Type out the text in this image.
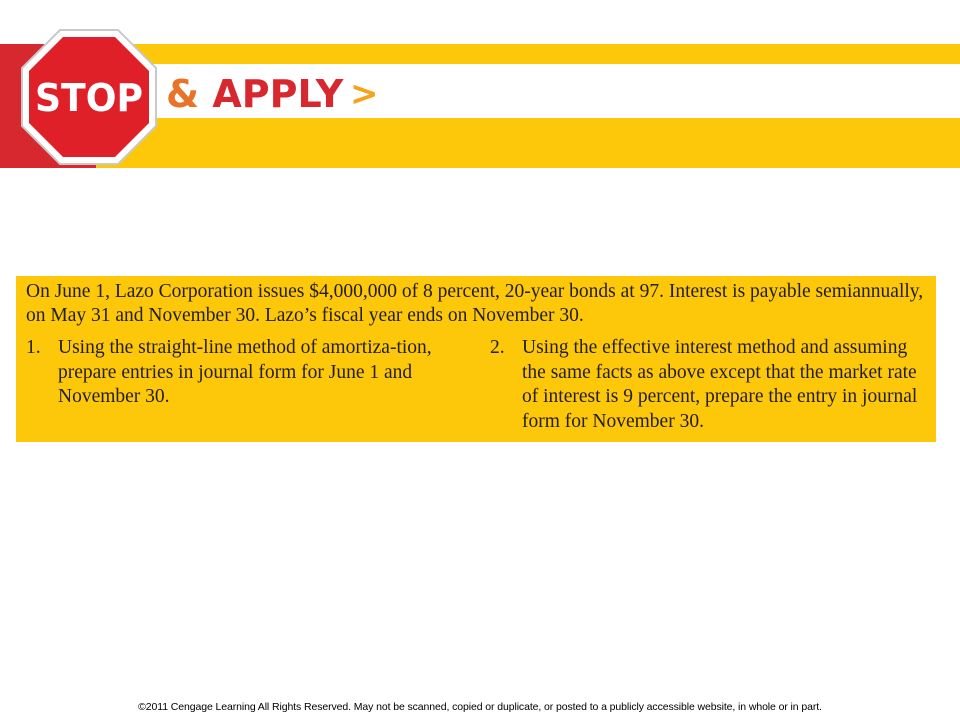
STOP & APPLY >

On June 1, Lazo Corporation issues $4,000,000 of 8 percent, 20-year bonds at 97. Interest is payable semiannually, on May 31 and November 30. Lazo’s fiscal year ends on November 30.

1. Using the straight-line method of amortiza-tion, prepare entries in journal form for June 1 and November 30.
2. Using the effective interest method and assuming the same facts as above except that the market rate of interest is 9 percent, prepare the entry in journal form for November 30.
©2011 Cengage Learning All Rights Reserved. May not be scanned, copied or duplicate, or posted to a publicly accessible website, in whole or in part.
